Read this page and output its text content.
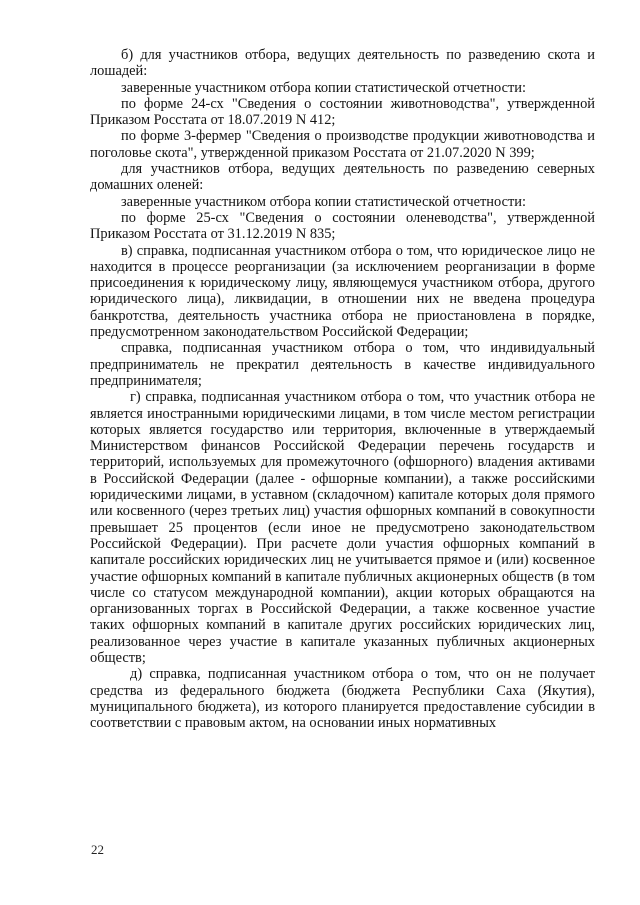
б) для участников отбора, ведущих деятельность по разведению скота и лошадей:

заверенные участником отбора копии статистической отчетности:

по форме 24-сх "Сведения о состоянии животноводства", утвержденной Приказом Росстата от 18.07.2019 N 412;

по форме 3-фермер "Сведения о производстве продукции животноводства и поголовье скота", утвержденной приказом Росстата от 21.07.2020 N 399;

для участников отбора, ведущих деятельность по разведению северных домашних оленей:

заверенные участником отбора копии статистической отчетности:

по форме 25-сх "Сведения о состоянии оленеводства", утвержденной Приказом Росстата от 31.12.2019 N 835;

в) справка, подписанная участником отбора о том, что юридическое лицо не находится в процессе реорганизации (за исключением реорганизации в форме присоединения к юридическому лицу, являющемуся участником отбора, другого юридического лица), ликвидации, в отношении них не введена процедура банкротства, деятельность участника отбора не приостановлена в порядке, предусмотренном законодательством Российской Федерации;

справка, подписанная участником отбора о том, что индивидуальный предприниматель не прекратил деятельность в качестве индивидуального предпринимателя;

г) справка, подписанная участником отбора о том, что участник отбора не является иностранными юридическими лицами, в том числе местом регистрации которых является государство или территория, включенные в утверждаемый Министерством финансов Российской Федерации перечень государств и территорий, используемых для промежуточного (офшорного) владения активами в Российской Федерации (далее - офшорные компании), а также российскими юридическими лицами, в уставном (складочном) капитале которых доля прямого или косвенного (через третьих лиц) участия офшорных компаний в совокупности превышает 25 процентов (если иное не предусмотрено законодательством Российской Федерации). При расчете доли участия офшорных компаний в капитале российских юридических лиц не учитывается прямое и (или) косвенное участие офшорных компаний в капитале публичных акционерных обществ (в том числе со статусом международной компании), акции которых обращаются на организованных торгах в Российской Федерации, а также косвенное участие таких офшорных компаний в капитале других российских юридических лиц, реализованное через участие в капитале указанных публичных акционерных обществ;

д) справка, подписанная участником отбора о том, что он не получает средства из федерального бюджета (бюджета Республики Саха (Якутия), муниципального бюджета), из которого планируется предоставление субсидии в соответствии с правовым актом, на основании иных нормативных

22
